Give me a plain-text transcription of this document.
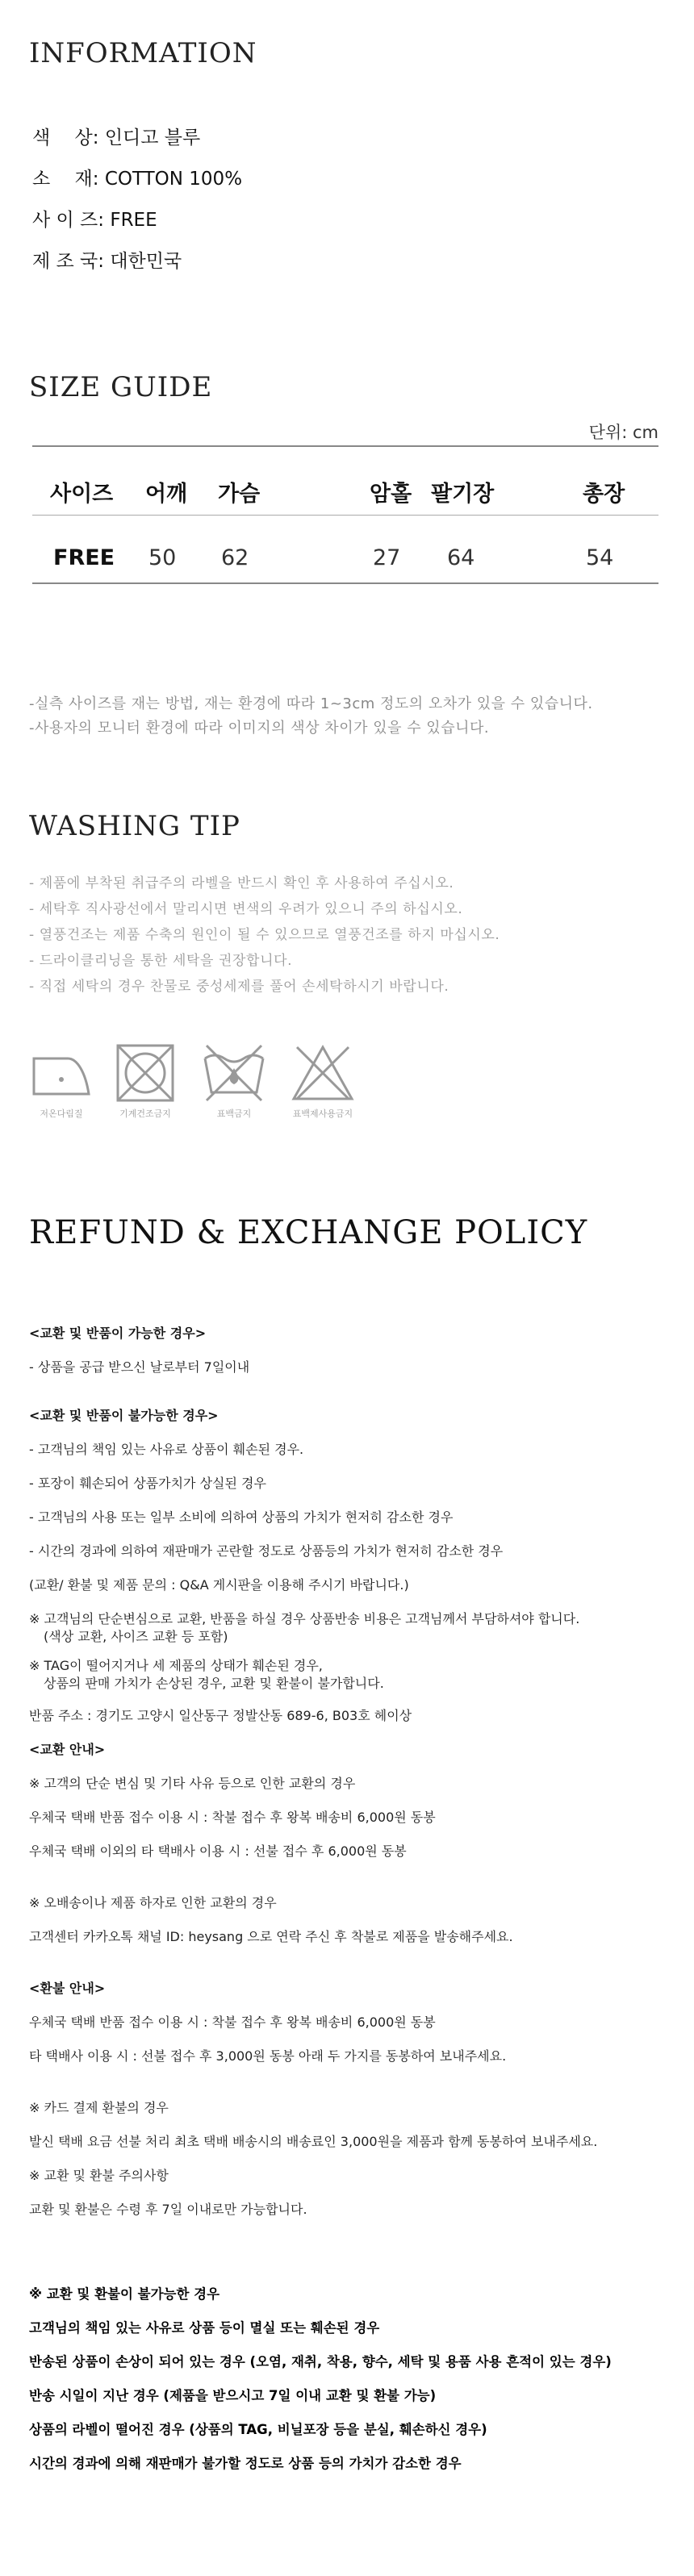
INFORMATION
색　 상: 인디고 블루
소　 재: COTTON 100%
사 이 즈: FREE
제 조 국: 대한민국
SIZE GUIDE
단위: cm
사이즈 어깨 가슴	암홀 팔기장	총장
FREE 50 62	27 64	54
-실측 사이즈를 재는 방법, 재는 환경에 따라 1~3cm 정도의 오차가 있을 수 있습니다.
-사용자의 모니터 환경에 따라 이미지의 색상 차이가 있을 수 있습니다.
WASHING TIP
- 제품에 부착된 취급주의 라벨을 반드시 확인 후 사용하여 주십시오.
- 세탁후 직사광선에서 말리시면 변색의 우려가 있으니 주의 하십시오.
- 열풍건조는 제품 수축의 원인이 될 수 있으므로 열풍건조를 하지 마십시오.
- 드라이클리닝을 통한 세탁을 권장합니다.
- 직접 세탁의 경우 찬물로 중성세제를 풀어 손세탁하시기 바랍니다.
저온다림질	기계건조금지	표백금지	표백제사용금지
REFUND & EXCHANGE POLICY
<교환 및 반품이 가능한 경우>
- 상품을 공급 받으신 날로부터 7일이내
<교환 및 반품이 불가능한 경우>
- 고객님의 책임 있는 사유로 상품이 훼손된 경우.
- 포장이 훼손되어 상품가치가 상실된 경우
- 고객님의 사용 또는 일부 소비에 의하여 상품의 가치가 현저히 감소한 경우
- 시간의 경과에 의하여 재판매가 곤란할 정도로 상품등의 가치가 현저히 감소한 경우
(교환/ 환불 및 제품 문의 : Q&A 게시판을 이용해 주시기 바랍니다.)
※ 고객님의 단순변심으로 교환, 반품을 하실 경우 상품반송 비용은 고객님께서 부담하셔야 합니다.
(색상 교환, 사이즈 교환 등 포함)
※ TAG이 떨어지거나 세 제품의 상태가 훼손된 경우,
상품의 판매 가치가 손상된 경우, 교환 및 환불이 불가합니다.
반품 주소 : 경기도 고양시 일산동구 정발산동 689-6, B03호 헤이상
<교환 안내>
※ 고객의 단순 변심 및 기타 사유 등으로 인한 교환의 경우
우체국 택배 반품 접수 이용 시 : 착불 접수 후 왕복 배송비 6,000원 동봉
우체국 택배 이외의 타 택배사 이용 시 : 선불 접수 후 6,000원 동봉
※ 오배송이나 제품 하자로 인한 교환의 경우
고객센터 카카오톡 채널 ID: heysang 으로 연락 주신 후 착불로 제품을 발송해주세요.
<환불 안내>
우체국 택배 반품 접수 이용 시 : 착불 접수 후 왕복 배송비 6,000원 동봉
타 택배사 이용 시 : 선불 접수 후 3,000원 동봉 아래 두 가지를 동봉하여 보내주세요.
※ 카드 결제 환불의 경우
발신 택배 요금 선불 처리 최초 택배 배송시의 배송료인 3,000원을 제품과 함께 동봉하여 보내주세요.
※ 교환 및 환불 주의사항
교환 및 환불은 수령 후 7일 이내로만 가능합니다.
※ 교환 및 환불이 불가능한 경우
고객님의 책임 있는 사유로 상품 등이 멸실 또는 훼손된 경우
반송된 상품이 손상이 되어 있는 경우 (오염, 재취, 착용, 향수, 세탁 및 용품 사용 흔적이 있는 경우)
반송 시일이 지난 경우 (제품을 받으시고 7일 이내 교환 및 환불 가능)
상품의 라벨이 떨어진 경우 (상품의 TAG, 비닐포장 등을 분실, 훼손하신 경우)
시간의 경과에 의해 재판매가 불가할 정도로 상품 등의 가치가 감소한 경우
